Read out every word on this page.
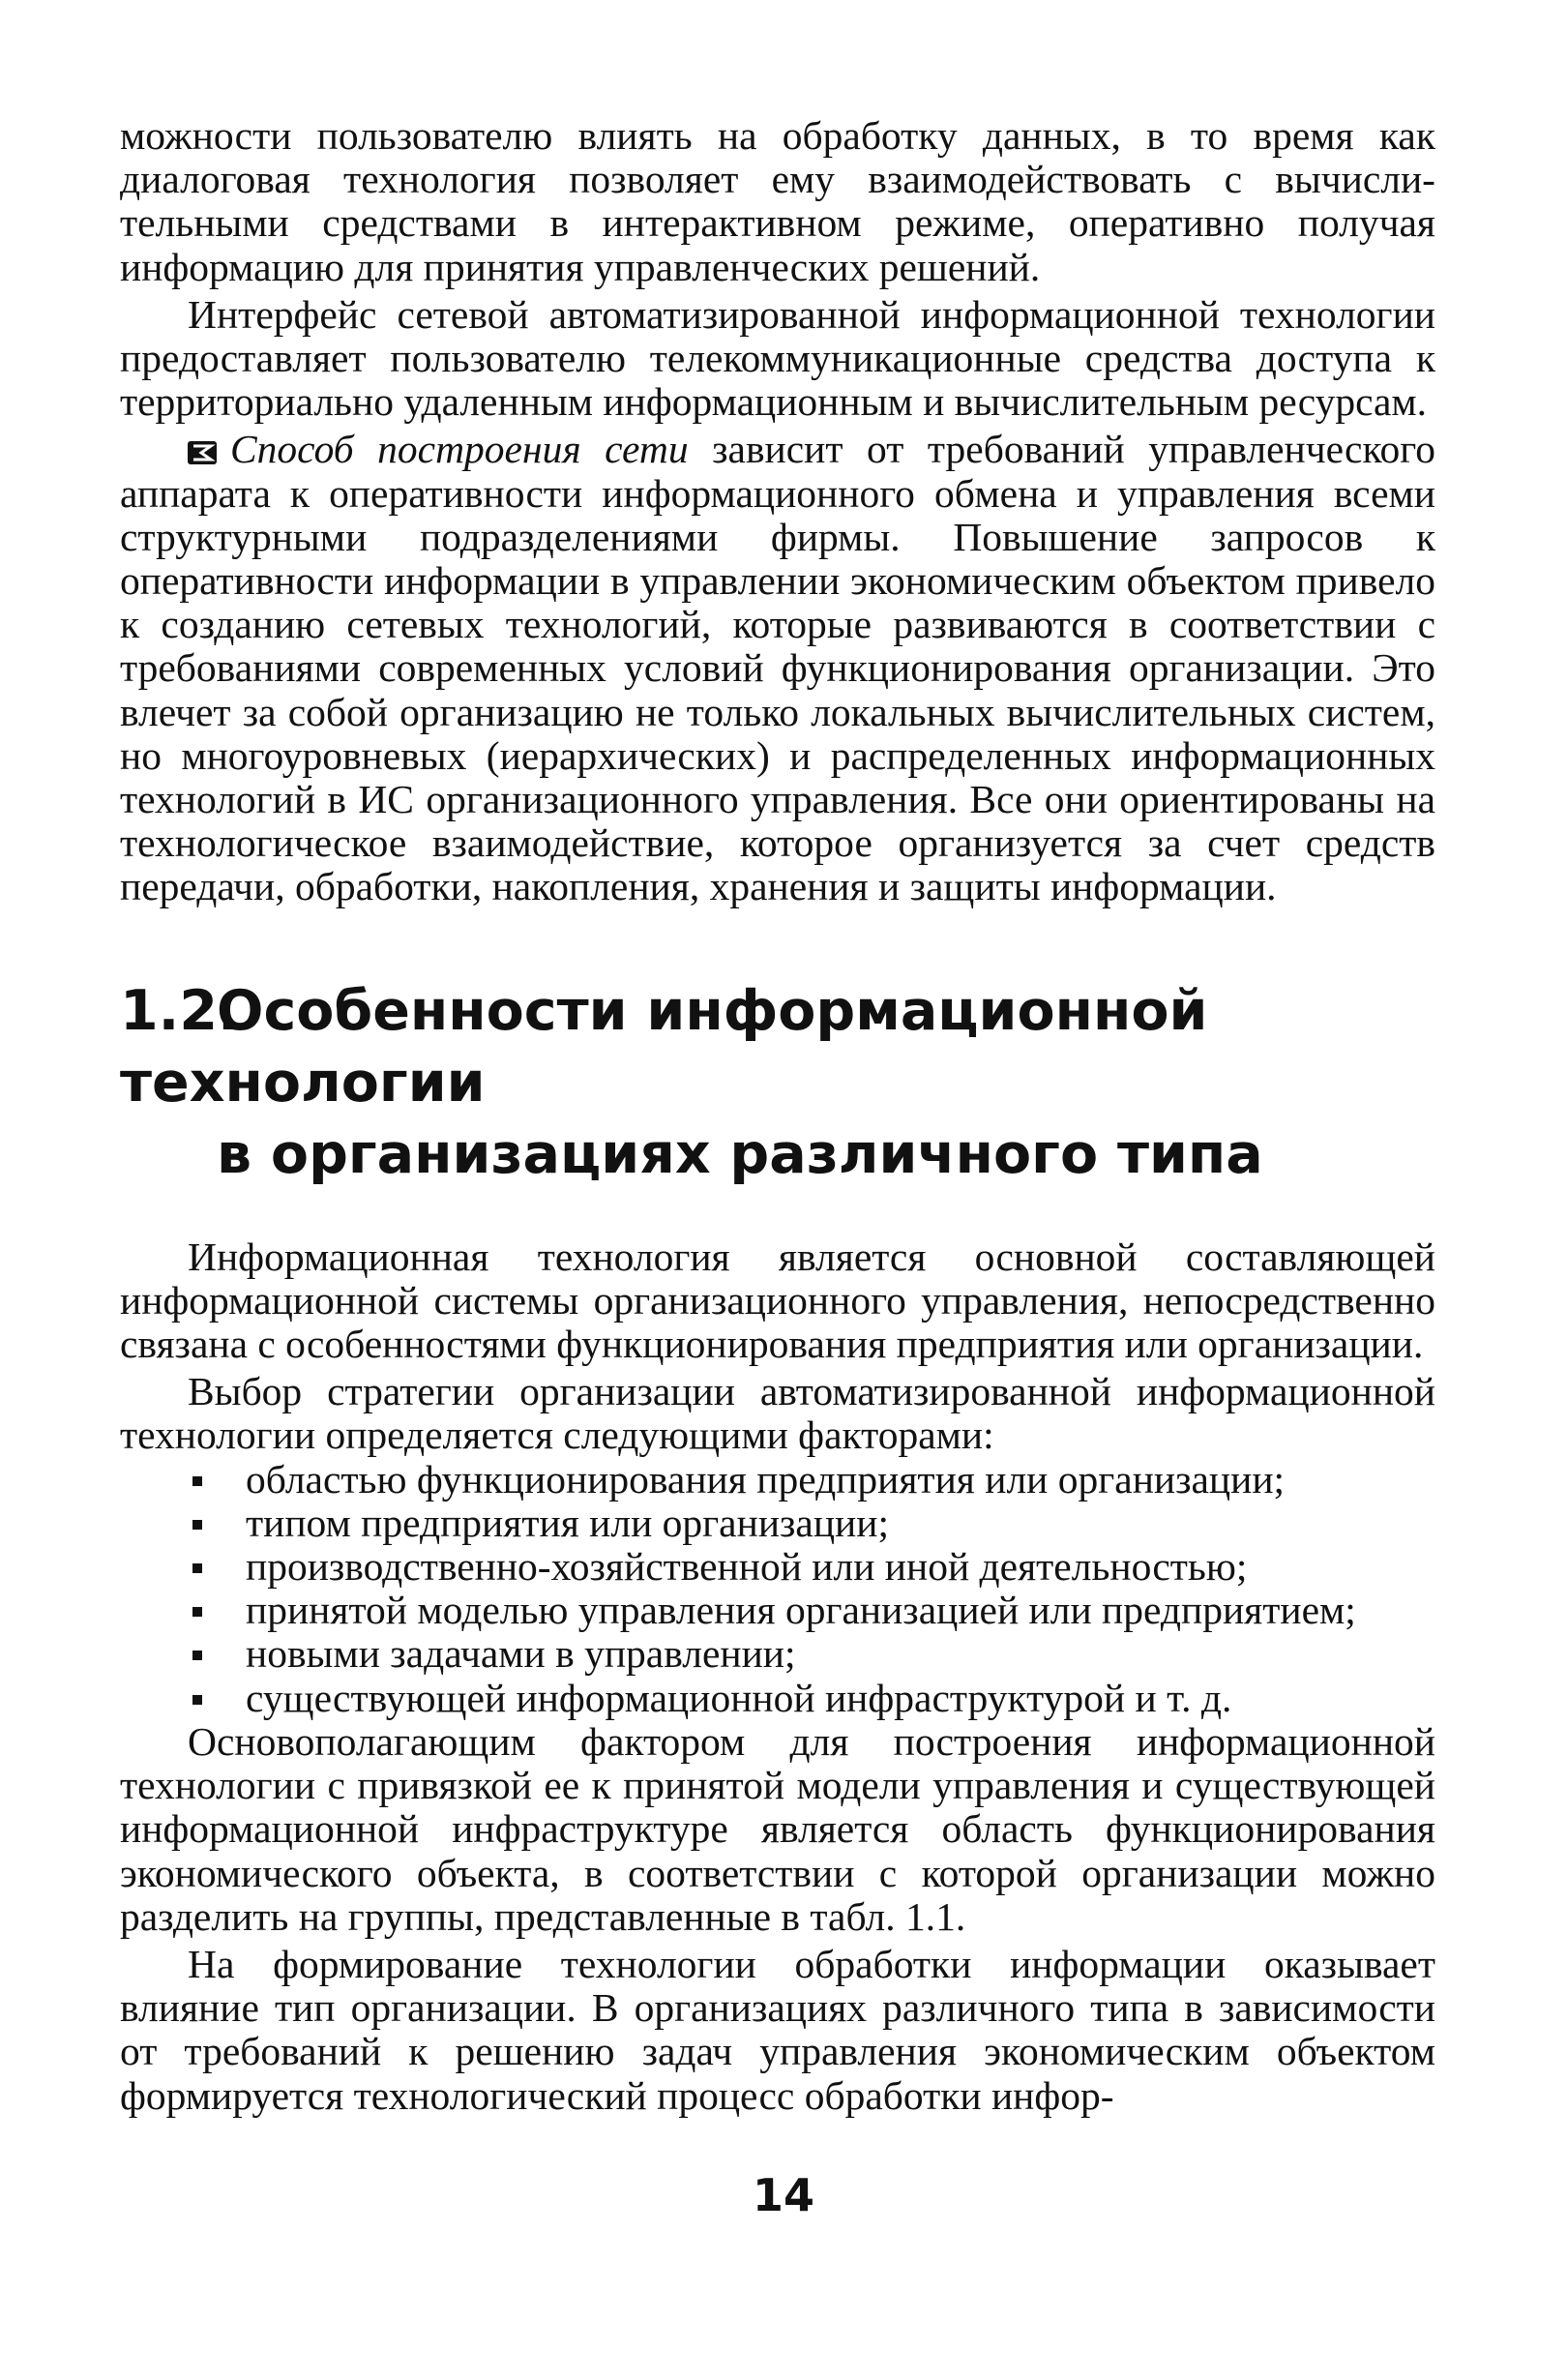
можности пользователю влиять на обработку данных, в то время как диалоговая технология позволяет ему взаимодействовать с вычислительными средствами в интерактивном режиме, оперативно получая информацию для принятия управленческих решений.

Интерфейс сетевой автоматизированной информационной технологии предоставляет пользователю телекоммуникационные средства доступа к территориально удаленным информационным и вычислительным ресурсам.

Способ построения сети зависит от требований управленческого аппарата к оперативности информационного обмена и управления всеми структурными подразделениями фирмы. Повышение запросов к оперативности информации в управлении экономическим объектом привело к созданию сетевых технологий, которые развиваются в соответствии с требованиями современных условий функционирования организации. Это влечет за собой организацию не только локальных вычислительных систем, но многоуровневых (иерархических) и распределенных информационных технологий в ИС организационного управления. Все они ориентированы на технологическое взаимодействие, которое организуется за счет средств передачи, обработки, накопления, хранения и защиты информации.

1.2.Особенности информационной технологии
в организациях различного типа

Информационная технология является основной составляющей информационной системы организационного управления, непосредственно связана с особенностями функционирования предприятия или организации.

Выбор стратегии организации автоматизированной информационной технологии определяется следующими факторами:

областью функционирования предприятия или организации;
типом предприятия или организации;
производственно-хозяйственной или иной деятельностью;
принятой моделью управления организацией или предприятием;
новыми задачами в управлении;
существующей информационной инфраструктурой и т. д.

Основополагающим фактором для построения информационной технологии с привязкой ее к принятой модели управления и существующей информационной инфраструктуре является область функционирования экономического объекта, в соответствии с которой организации можно разделить на группы, представленные в табл. 1.1.

На формирование технологии обработки информации оказывает влияние тип организации. В организациях различного типа в зависимости от требований к решению задач управления экономическим объектом формируется технологический процесс обработки инфор-

14
